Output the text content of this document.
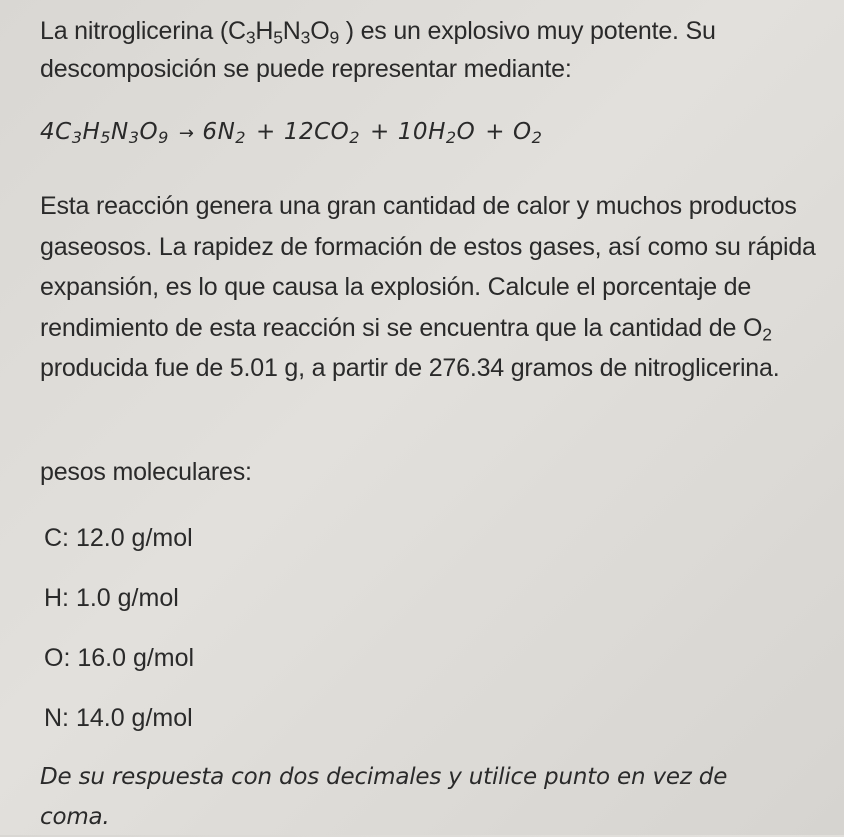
La nitroglicerina ($C_3H_5N_3O_9$ ) es un explosivo muy potente. Su descomposición se puede representar mediante:

$4C_3H_5N_3O_9 \to 6N_2 + 12CO_2 + 10H_2O + O_2$

Esta reacción genera una gran cantidad de calor y muchos productos gaseosos. La rapidez de formación de estos gases, así como su rápida expansión, es lo que causa la explosión. Calcule el porcentaje de rendimiento de esta reacción si se encuentra que la cantidad de $O_2$ producida fue de 5.01 g, a partir de 276.34 gramos de nitroglicerina.

pesos moleculares:

C: 12.0 g/mol
H: 1.0 g/mol
O: 16.0 g/mol
N: 14.0 g/mol

De su respuesta con dos decimales y utilice punto en vez de coma.
